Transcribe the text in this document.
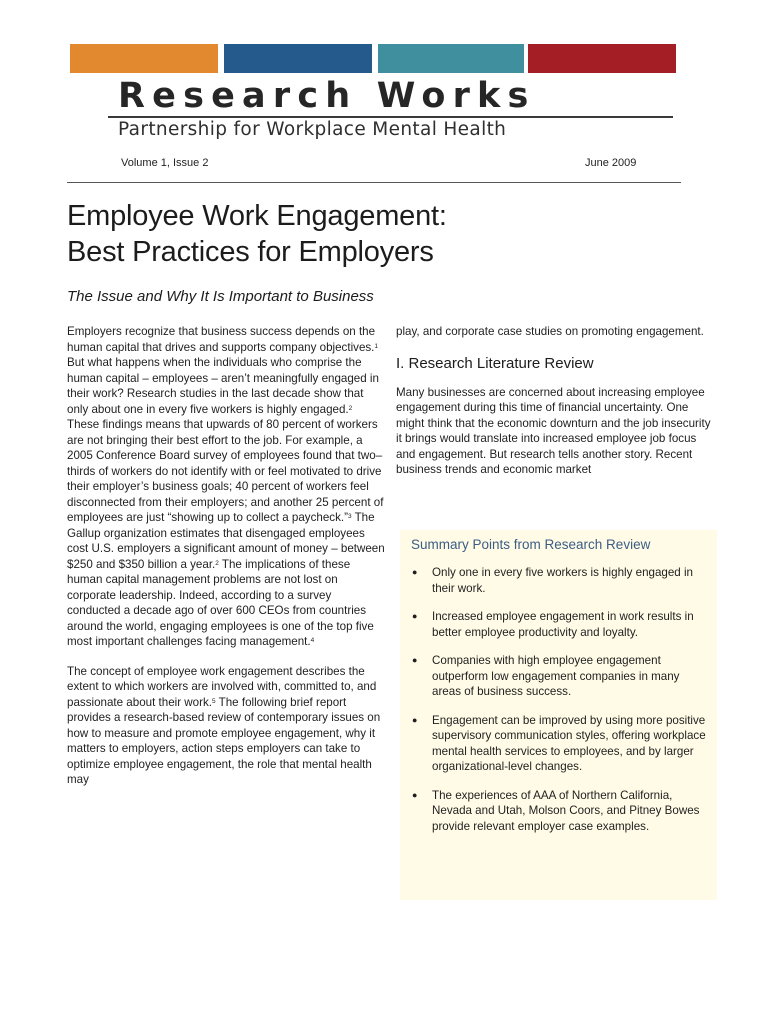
Research Works
Partnership for Workplace Mental Health
Volume 1, Issue 2	June 2009
Employee Work Engagement:
Best Practices for Employers
The Issue and Why It Is Important to Business

Employers recognize that business success depends on the human capital that drives and supports company objectives.$^1$ But what happens when the individuals who comprise the human capital – employees – aren’t meaningfully engaged in their work? Research studies in the last decade show that only about one in every five workers is highly engaged.$^2$ These findings means that upwards of 80 percent of workers are not bringing their best effort to the job. For example, a 2005 Conference Board survey of employees found that two–thirds of workers do not identify with or feel motivated to drive their employer’s business goals; 40 percent of workers feel disconnected from their employers; and another 25 percent of employees are just “showing up to collect a paycheck.”$^3$ The Gallup organization estimates that disengaged employees cost U.S. employers a significant amount of money – between $250 and $350 billion a year.$^2$ The implications of these human capital management problems are not lost on corporate leadership. Indeed, according to a survey conducted a decade ago of over 600 CEOs from countries around the world, engaging employees is one of the top five most important challenges facing management.$^4$

The concept of employee work engagement describes the extent to which workers are involved with, committed to, and passionate about their work.$^5$ The following brief report provides a research-based review of contemporary issues on how to measure and promote employee engagement, why it matters to employers, action steps employers can take to optimize employee engagement, the role that mental health may

play, and corporate case studies on promoting engagement.

I. Research Literature Review

Many businesses are concerned about increasing employee engagement during this time of financial uncertainty. One might think that the economic downturn and the job insecurity it brings would translate into increased employee job focus and engagement. But research tells another story. Recent business trends and economic market

Summary Points from Research Review
● Only one in every five workers is highly engaged in their work.
● Increased employee engagement in work results in better employee productivity and loyalty.
● Companies with high employee engagement outperform low engagement companies in many areas of business success.
● Engagement can be improved by using more positive supervisory communication styles, offering workplace mental health services to employees, and by larger organizational-level changes.
● The experiences of AAA of Northern California, Nevada and Utah, Molson Coors, and Pitney Bowes provide relevant employer case examples.
